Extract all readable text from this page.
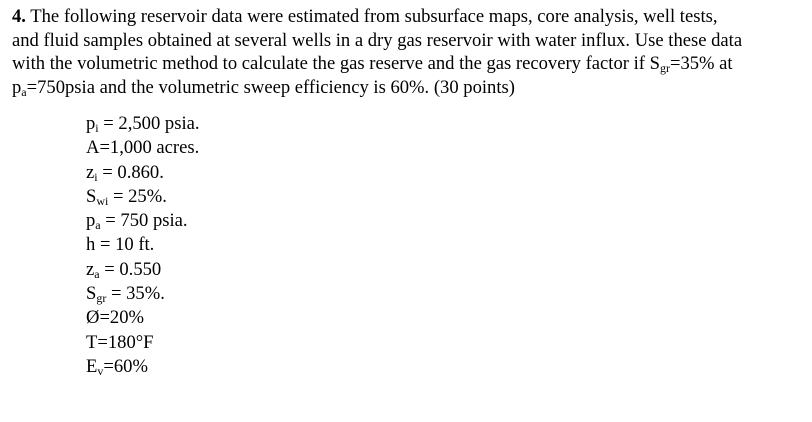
4. The following reservoir data were estimated from subsurface maps, core analysis, well tests,
and fluid samples obtained at several wells in a dry gas reservoir with water influx. Use these data
with the volumetric method to calculate the gas reserve and the gas recovery factor if $S_{gr}=35\%$ at
$p_a=750psia$ and the volumetric sweep efficiency is 60%. (30 points)
$p_i = 2,500$ psia.
A=1,000 acres.
$z_i = 0.860$.
$S_{wi} = 25\%$.
$p_a = 750$ psia.
h = 10 ft.
$z_a = 0.550$
$S_{gr} = 35\%$.
Ø=20%
T=180°F
$E_v=60\%$
